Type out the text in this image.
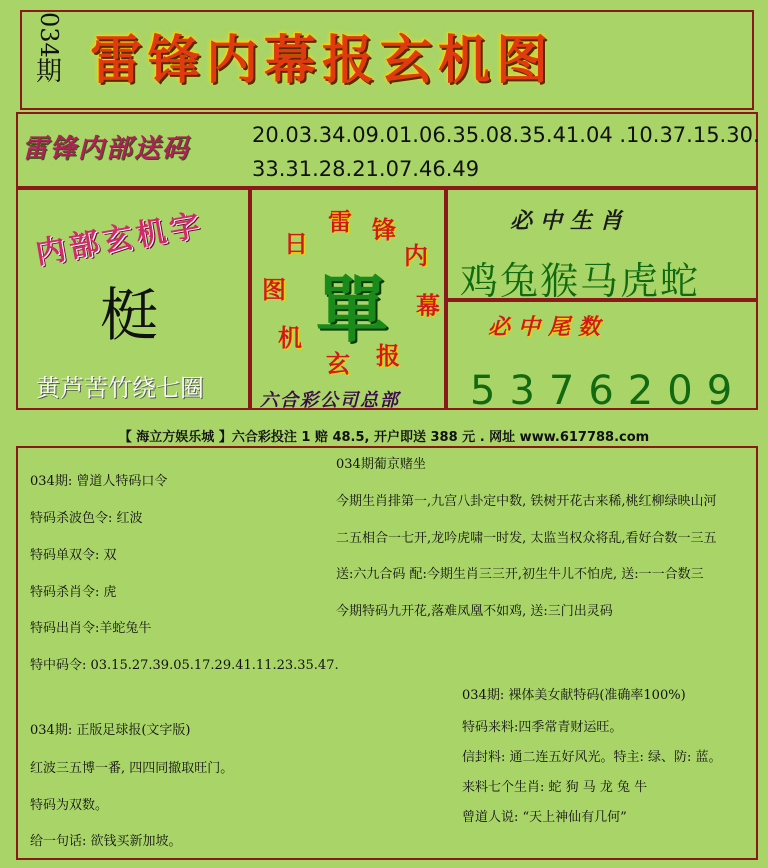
034
期 雷锋内幕报玄机图
雷锋内部送码	20.03.34.09.01.06.35.08.35.41.04 .10.37.15.30.
33.31.28.21.07.46.49
内部玄机字
梃
黄芦苦竹绕七圈
雷 锋
内
幕
报
玄
机
图
日
單
六合彩公司总部
必中生肖
鸡兔猴马虎蛇
必中尾数
5376209
【 海立方娱乐城 】六合彩投注 1 赔 48.5, 开户即送 388 元 . 网址 www.617788.com
034期: 曾道人特码口令
特码杀波色令: 红波
特码单双令: 双
特码杀肖令: 虎
特码出肖令:羊蛇兔牛
特中码令: 03.15.27.39.05.17.29.41.11.23.35.47.
034期: 正版足球报(文字版)
红波三五博一番, 四四同撤取旺门。
特码为双数。
给一句话: 欲钱买新加坡。
034期葡京赌坐
今期生肖排第一,九宫八卦定中数, 铁树开花古来稀,桃红柳绿映山河
二五相合一七开,龙吟虎啸一时发, 太监当权众将乱,看好合数一三五
送:六九合码 配:今期生肖三三开,初生牛儿不怕虎, 送:一一合数三
今期特码九开花,落难凤凰不如鸡, 送:三门出灵码
034期: 裸体美女献特码(准确率100%)
特码来料:四季常青财运旺。
信封料: 通二连五好风光。特主: 绿、防: 蓝。
来料七个生肖: 蛇 狗 马 龙 兔 牛
曾道人说: “天上神仙有几何”
